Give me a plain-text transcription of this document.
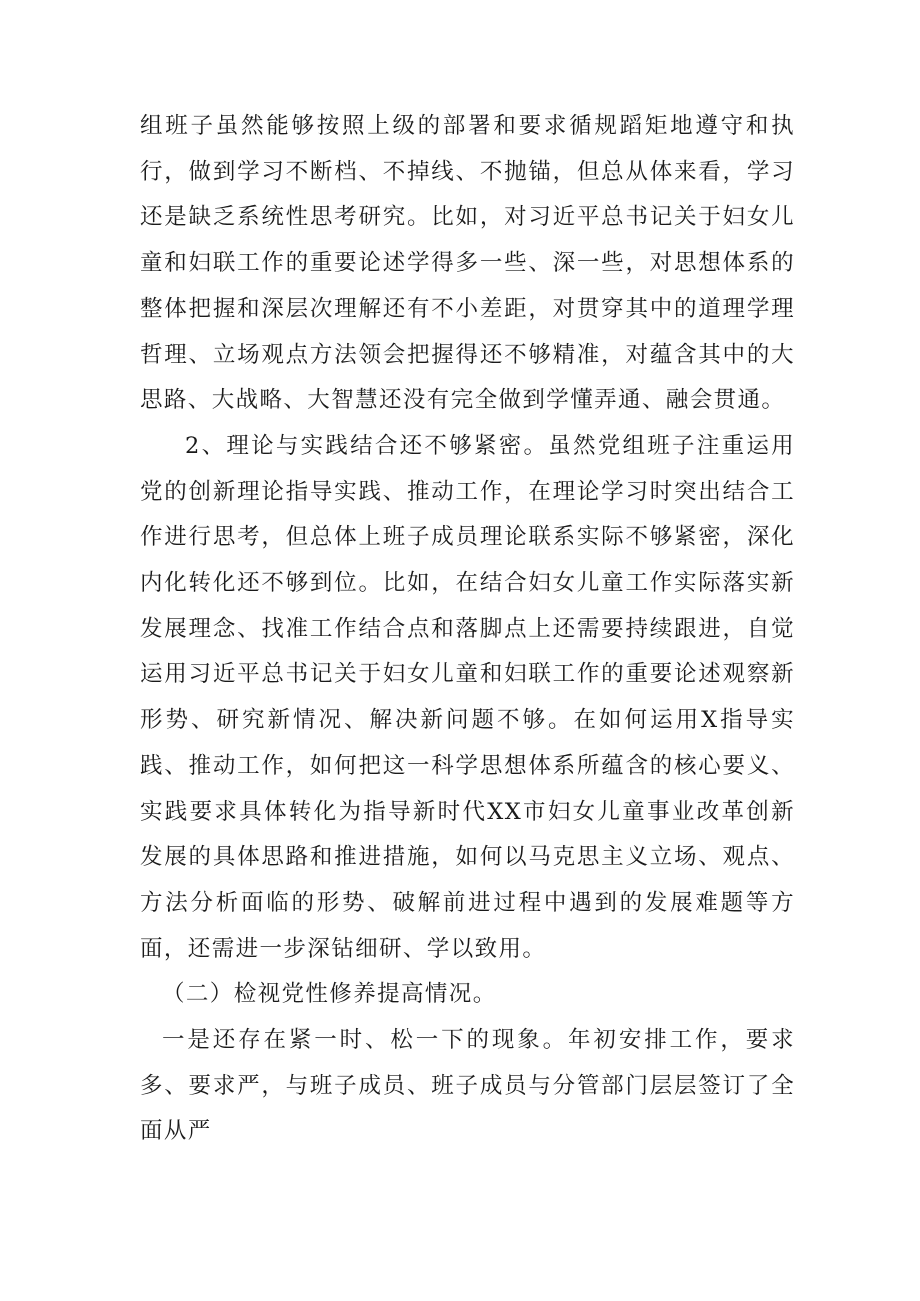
组班子虽然能够按照上级的部署和要求循规蹈矩地遵守和执行，做到学习不断档、不掉线、不抛锚，但总从体来看，学习还是缺乏系统性思考研究。比如，对习近平总书记关于妇女儿童和妇联工作的重要论述学得多一些、深一些，对思想体系的整体把握和深层次理解还有不小差距，对贯穿其中的道理学理哲理、立场观点方法领会把握得还不够精准，对蕴含其中的大思路、大战略、大智慧还没有完全做到学懂弄通、融会贯通。

2、理论与实践结合还不够紧密。虽然党组班子注重运用党的创新理论指导实践、推动工作，在理论学习时突出结合工作进行思考，但总体上班子成员理论联系实际不够紧密，深化内化转化还不够到位。比如，在结合妇女儿童工作实际落实新发展理念、找准工作结合点和落脚点上还需要持续跟进，自觉运用习近平总书记关于妇女儿童和妇联工作的重要论述观察新形势、研究新情况、解决新问题不够。在如何运用X指导实践、推动工作，如何把这一科学思想体系所蕴含的核心要义、实践要求具体转化为指导新时代XX市妇女儿童事业改革创新发展的具体思路和推进措施，如何以马克思主义立场、观点、方法分析面临的形势、破解前进过程中遇到的发展难题等方面，还需进一步深钻细研、学以致用。

（二）检视党性修养提高情况。

一是还存在紧一时、松一下的现象。年初安排工作，要求多、要求严，与班子成员、班子成员与分管部门层层签订了全面从严
